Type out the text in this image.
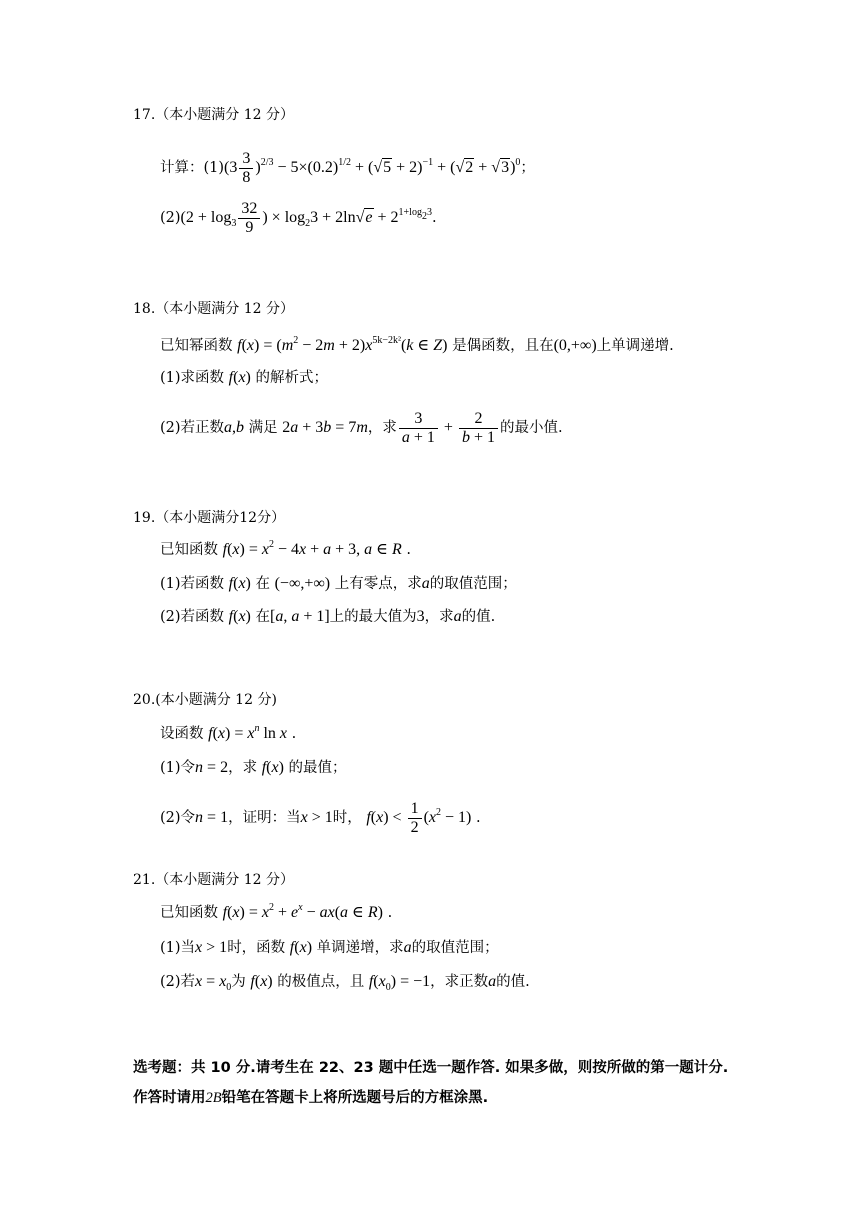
17.（本小题满分 12 分）
计算：$(1)(3 \frac{3}{8} )^{2/3} - 5\times(0.2)^{1/2} + (√5 + 2)^{-1} + (√2 + √3)^0$；
$(2)(2 + \log_3 \frac{32}{9}$ ) × $\log_23 + 2\ln√e + 2^{1+log_23}$.
18.（本小题满分 12 分）
已知幂函数 $f(x) = (m^2 - 2m + 2)x^{5k-2k^2}(k$ ∈ Z) 是偶函数，且在(0,+∞)上单调递增.
(1)求函数 f(x) 的解析式；
(2)若正数a,b 满足 2a + 3b = 7m，求 $\frac{3}{a + 1} + \frac{2}{b + 1}$ 的最小值.
19.（本小题满分12分）
已知函数 $f(x) = x^2 - 4x + a + 3$, a ∈ R .
(1)若函数 f(x) 在 (−∞,+∞) 上有零点，求a的取值范围；
(2)若函数 f(x) 在[a, a + 1]上的最大值为3，求a的值.
20.(本小题满分 12 分)
设函数 $f(x) = x^n$ ln x .
(1)令n = 2，求 f(x) 的最值；
(2)令n = 1，证明：当x > 1时， $f(x) < \frac{1}{2} (x^2 - 1)$ .
21.（本小题满分 12 分）
已知函数 $f(x) = x^2 + e^x - ax(a$ ∈ R) .
(1)当x > 1时，函数 f(x) 单调递增，求a的取值范围；
(2)若$x = x_0$为 f(x) 的极值点，且 $f(x_0) = -1$，求正数a的值.
选考题：共 10 分.请考生在 22、23 题中任选一题作答. 如果多做，则按所做的第一题计分. 作答时请用2B铅笔在答题卡上将所选题号后的方框涂黑.
